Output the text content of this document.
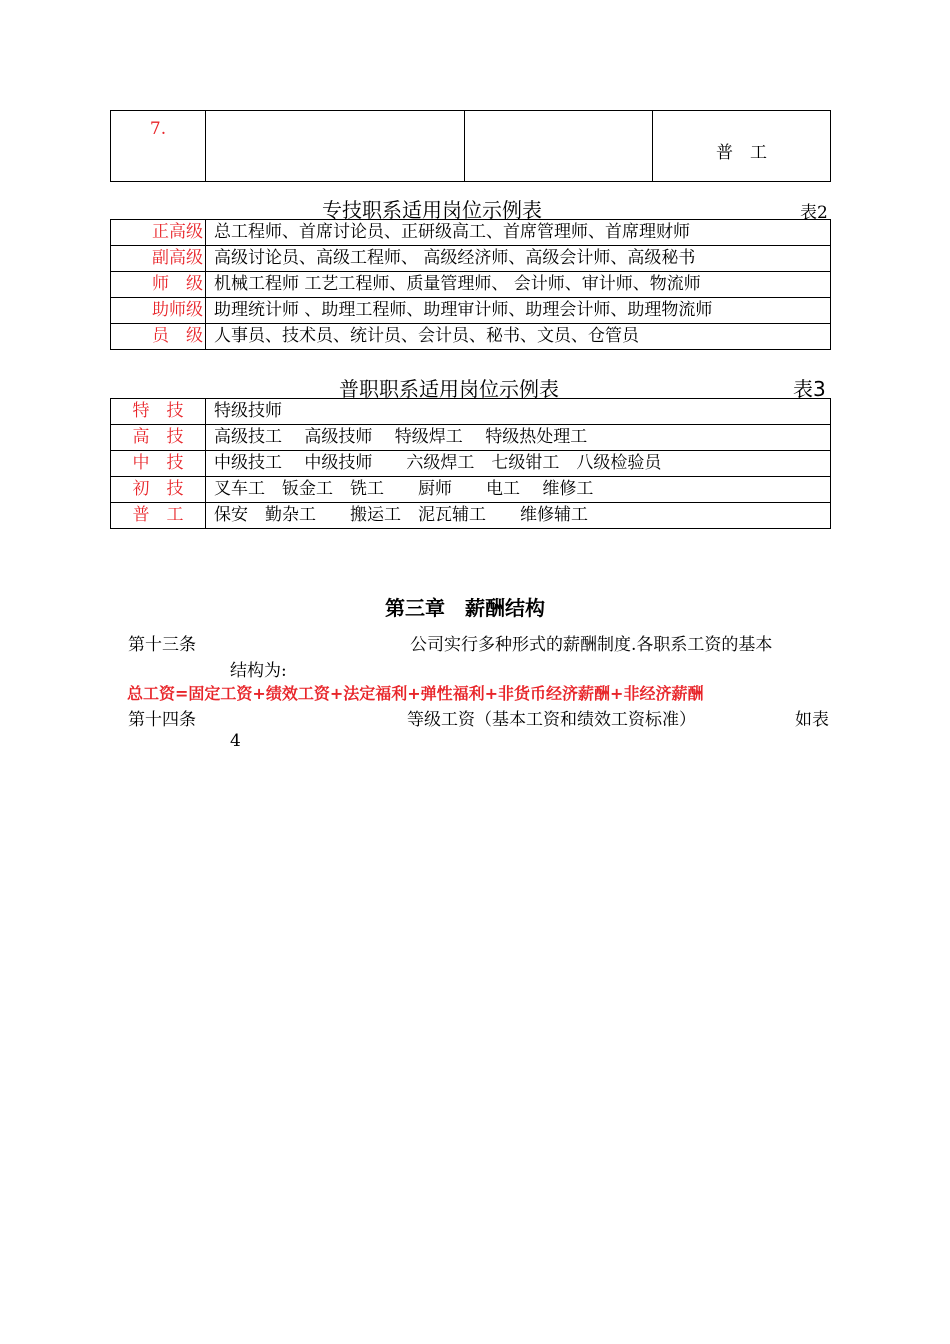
7.			普　工
专技职系适用岗位示例表	表2
正高级	总工程师、首席讨论员、正研级高工、首席管理师、首席理财师
副高级	高级讨论员、高级工程师、 高级经济师、高级会计师、高级秘书
师　级	机械工程师 工艺工程师、质量管理师、 会计师、审计师、物流师
助师级	助理统计师 、助理工程师、助理审计师、助理会计师、助理物流师
员　级	人事员、技术员、统计员、会计员、秘书、文员、仓管员
普职职系适用岗位示例表	表3
特　技	特级技师
高　技	高级技工　 高级技师　 特级焊工　 特级热处理工
中　技	中级技工　 中级技师　　六级焊工　七级钳工　八级检验员
初　技	叉车工　钣金工　铣工　　厨师　　电工　 维修工
普　工	保安　勤杂工　　搬运工　泥瓦辅工　　维修辅工
第三章　薪酬结构
第十三条	公司实行多种形式的薪酬制度.各职系工资的基本
结构为:
总工资=固定工资+绩效工资+法定福利+弹性福利+非货币经济薪酬+非经济薪酬
第十四条	等级工资（基本工资和绩效工资标准）	如表
4
